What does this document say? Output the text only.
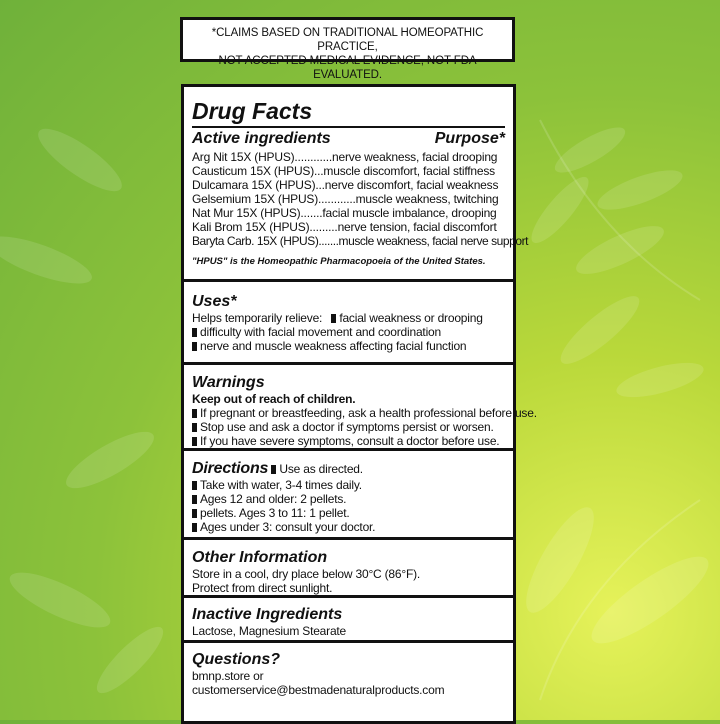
*CLAIMS BASED ON TRADITIONAL HOMEOPATHIC PRACTICE,
NOT ACCEPTED MEDICAL EVIDENCE, NOT FDA EVALUATED.
Drug Facts
Active ingredients	Purpose*
Arg Nit 15X (HPUS)............nerve weakness, facial drooping
Causticum 15X (HPUS)...muscle discomfort, facial stiffness
Dulcamara 15X (HPUS)...nerve discomfort, facial weakness
Gelsemium 15X (HPUS)............muscle weakness, twitching
Nat Mur 15X (HPUS).......facial muscle imbalance, drooping
Kali Brom 15X (HPUS).........nerve tension, facial discomfort
Baryta Carb. 15X (HPUS).......muscle weakness, facial nerve support
"HPUS" is the Homeopathic Pharmacopoeia of the United States.
Uses*
Helps temporarily relieve: facial weakness or drooping
difficulty with facial movement and coordination
nerve and muscle weakness affecting facial function
Warnings
Keep out of reach of children.
If pregnant or breastfeeding, ask a health professional before use.
Stop use and ask a doctor if symptoms persist or worsen.
If you have severe symptoms, consult a doctor before use.
Directions Use as directed.
Take with water, 3-4 times daily.
Ages 12 and older: 2 pellets.
pellets. Ages 3 to 11: 1 pellet.
Ages under 3: consult your doctor.
Other Information
Store in a cool, dry place below 30°C (86°F).
Protect from direct sunlight.
Inactive Ingredients
Lactose, Magnesium Stearate
Questions?
bmnp.store or
customerservice@bestmadenaturalproducts.com
